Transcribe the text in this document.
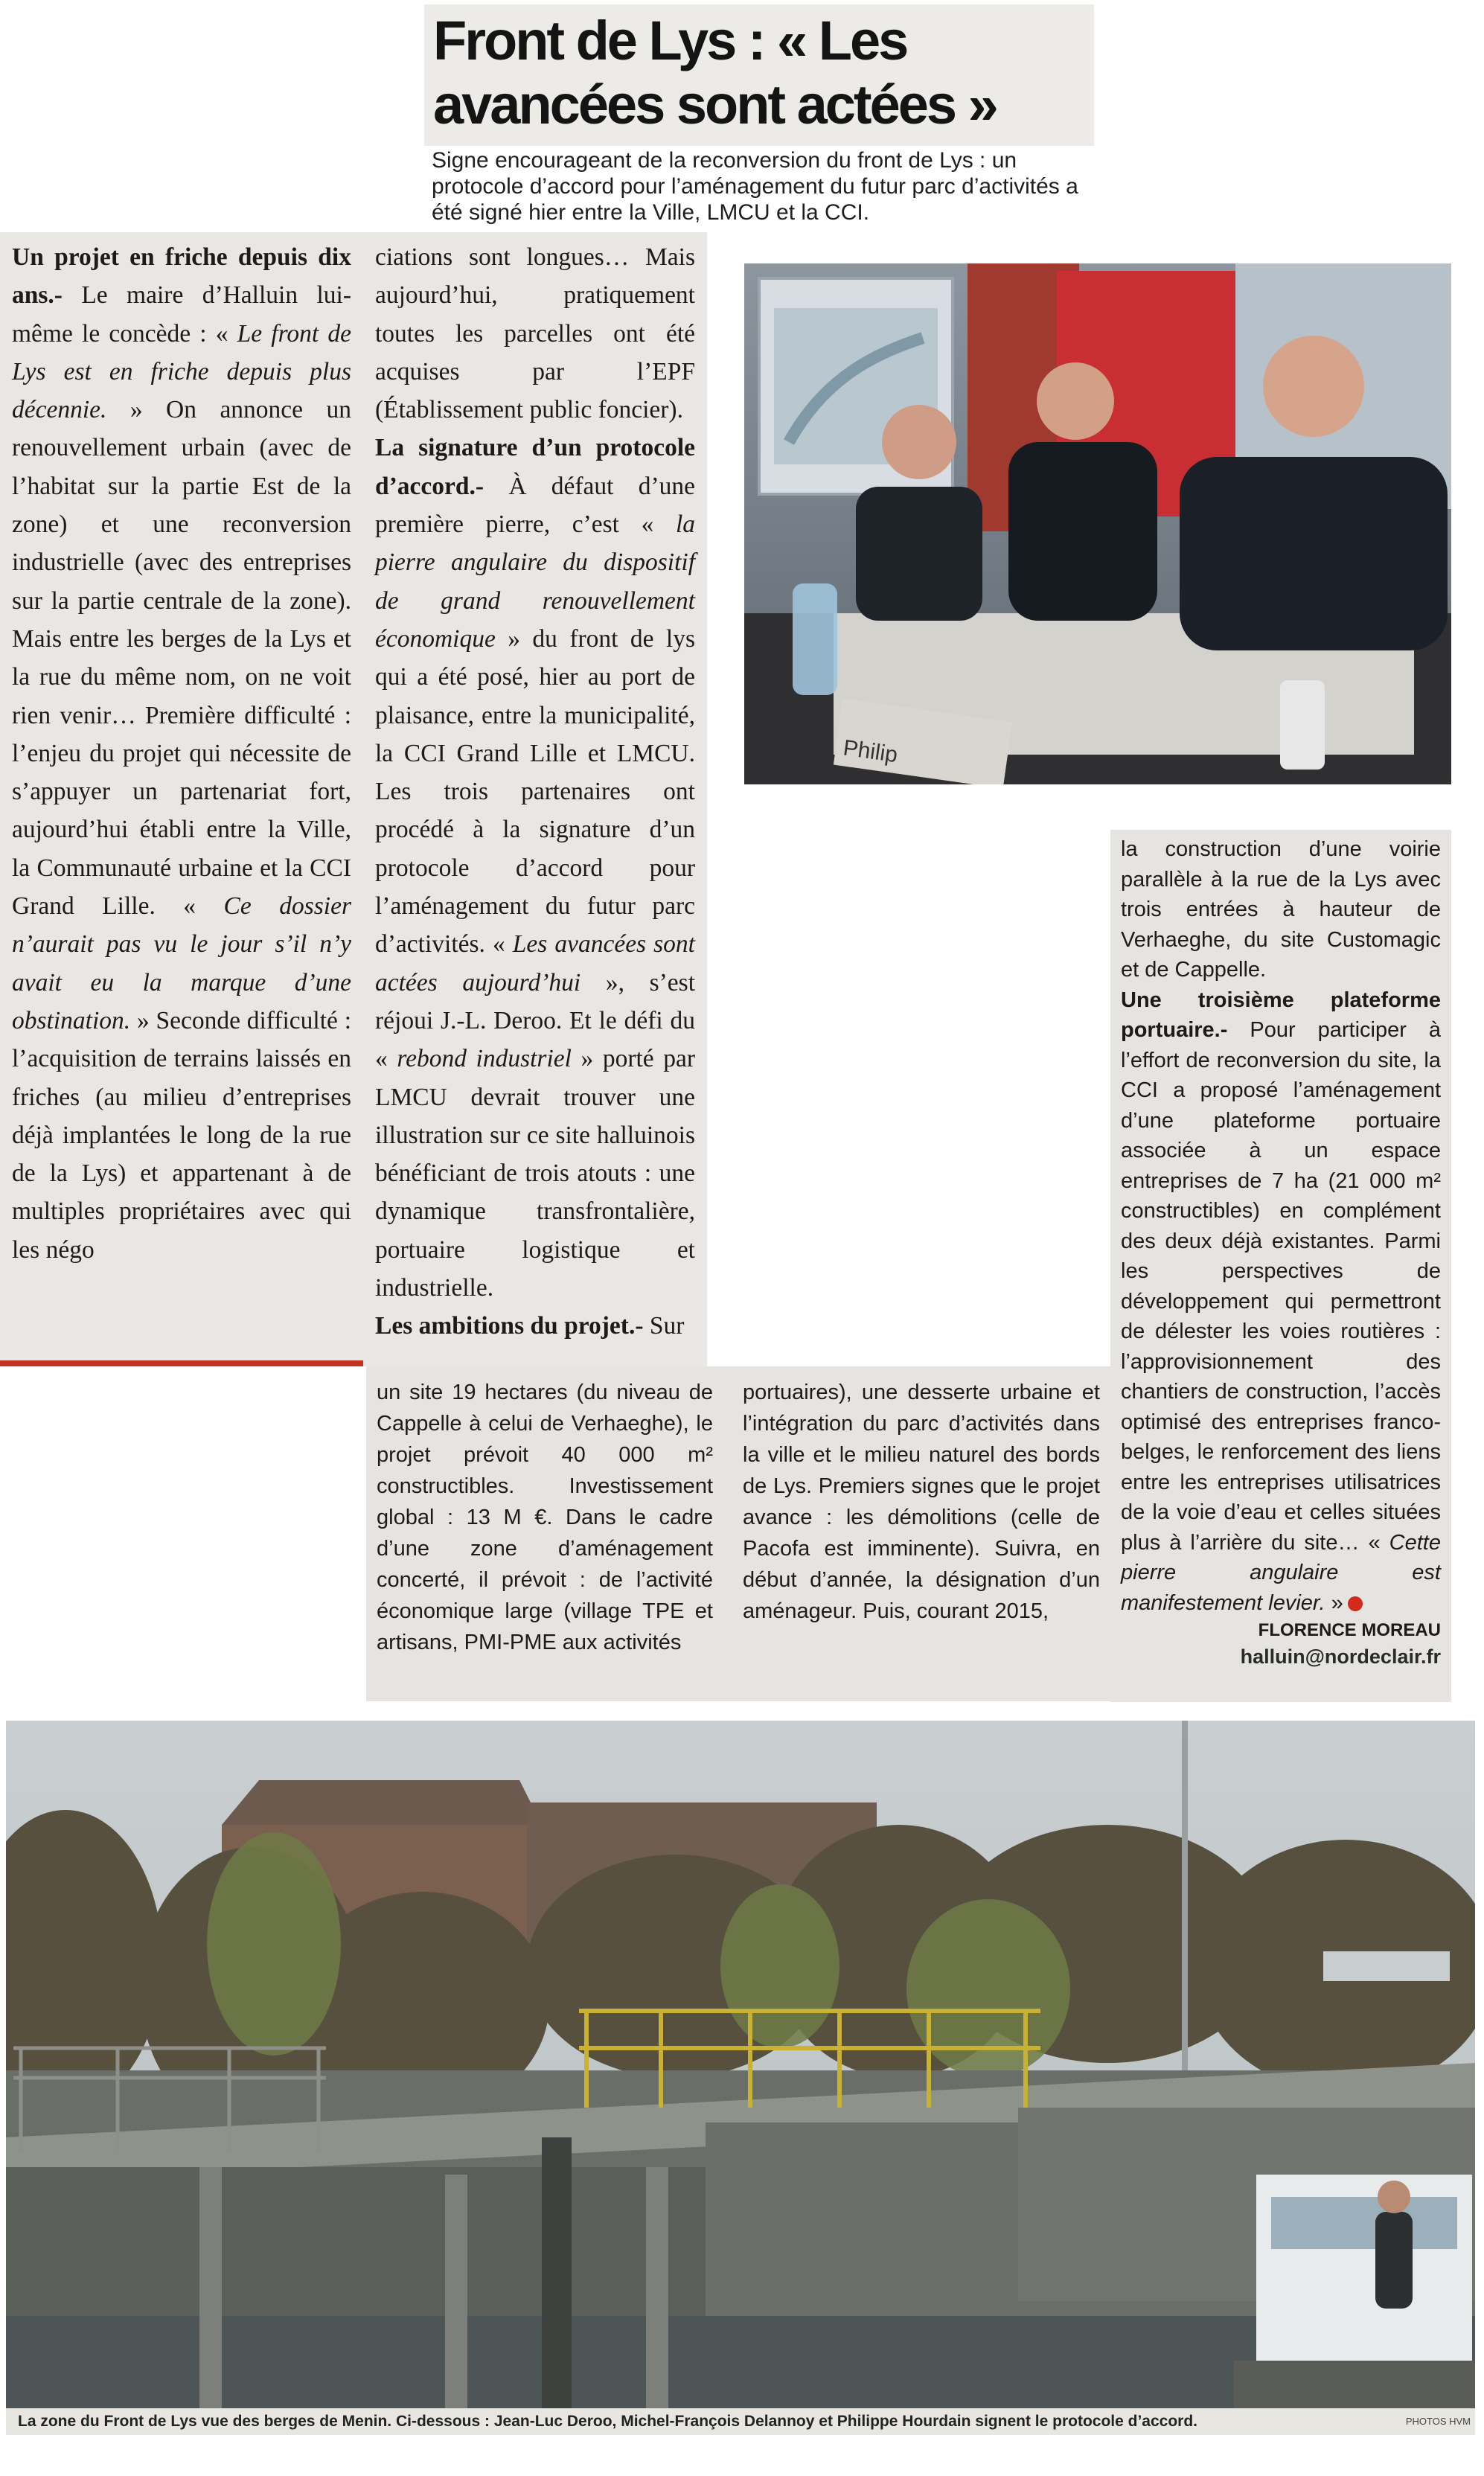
Front de Lys : « Les avancées sont actées »

Signe encourageant de la reconversion du front de Lys : un protocole d’accord pour l’aménagement du futur parc d’activités a été signé hier entre la Ville, LMCU et la CCI.

Un projet en friche depuis dix ans.- Le maire d’Halluin lui-même le concède : « Le front de Lys est en friche depuis plus décennie. » On annonce un renouvellement urbain (avec de l’habitat sur la partie Est de la zone) et une reconversion industrielle (avec des entreprises sur la partie centrale de la zone). Mais entre les berges de la Lys et la rue du même nom, on ne voit rien venir… Première difficulté : l’enjeu du projet qui nécessite de s’appuyer un partenariat fort, aujourd’hui établi entre la Ville, la Communauté urbaine et la CCI Grand Lille. « Ce dossier n’aurait pas vu le jour s’il n’y avait eu la marque d’une obstination. » Seconde difficulté : l’acquisition de terrains laissés en friches (au milieu d’entreprises déjà implantées le long de la rue de la Lys) et appartenant à de multiples propriétaires avec qui les négo

ciations sont longues… Mais aujourd’hui, pratiquement toutes les parcelles ont été acquises par l’EPF (Établissement public foncier).

La signature d’un protocole d’accord.- À défaut d’une première pierre, c’est « la pierre angulaire du dispositif de grand renouvellement économique » du front de lys qui a été posé, hier au port de plaisance, entre la municipalité, la CCI Grand Lille et LMCU. Les trois partenaires ont procédé à la signature d’un protocole d’accord pour l’aménagement du futur parc d’activités. « Les avancées sont actées aujourd’hui », s’est réjoui J.-L. Deroo. Et le défi du « rebond industriel » porté par LMCU devrait trouver une illustration sur ce site halluinois bénéficiant de trois atouts : une dynamique transfrontalière, portuaire logistique et industrielle.

Les ambitions du projet.- Sur

Philip

la construction d’une voirie parallèle à la rue de la Lys avec trois entrées à hauteur de Verhaeghe, du site Customagic et de Cappelle.

Une troisième plateforme portuaire.- Pour participer à l’effort de reconversion du site, la CCI a proposé l’aménagement d’une plateforme portuaire associée à un espace entreprises de 7 ha (21 000 m² constructibles) en complément des deux déjà existantes. Parmi les perspectives de développement qui permettront de délester les voies routières : l’approvisionnement des chantiers de construction, l’accès optimisé des entreprises franco-belges, le renforcement des liens entre les entreprises utilisatrices de la voie d’eau et celles situées plus à l’arrière du site… « Cette pierre angulaire est manifestement levier. »

FLORENCE MOREAU

halluin@nordeclair.fr

un site 19 hectares (du niveau de Cappelle à celui de Verhaeghe), le projet prévoit 40 000 m² constructibles. Investissement global : 13 M €. Dans le cadre d’une zone d’aménagement concerté, il prévoit : de l’activité économique large (village TPE et artisans, PMI-PME aux activités

portuaires), une desserte urbaine et l’intégration du parc d’activités dans la ville et le milieu naturel des bords de Lys. Premiers signes que le projet avance : les démolitions (celle de Pacofa est imminente). Suivra, en début d’année, la désignation d’un aménageur. Puis, courant 2015,

La zone du Front de Lys vue des berges de Menin. Ci-dessous : Jean-Luc Deroo, Michel-François Delannoy et Philippe Hourdain signent le protocole d’accord.	PHOTOS HVM
